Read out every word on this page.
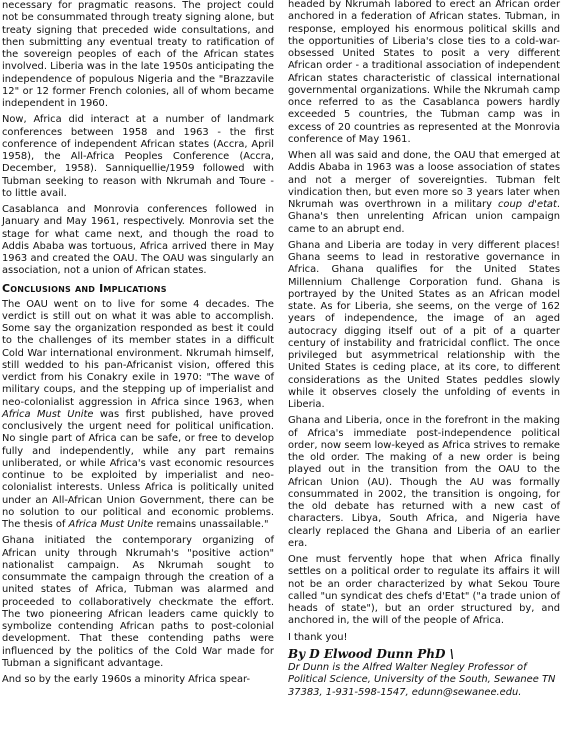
necessary for pragmatic reasons. The project could not be consummated through treaty signing alone, but treaty signing that preceded wide consultations, and then submitting any eventual treaty to ratification of the sovereign peoples of each of the African states involved. Liberia was in the late 1950s anticipating the independence of populous Nigeria and the "Brazzavile 12" or 12 former French colonies, all of whom became independent in 1960.

Now, Africa did interact at a number of landmark conferences between 1958 and 1963 - the first conference of independent African states (Accra, April 1958), the All-Africa Peoples Conference (Accra, December, 1958). Sanniquellie/1959 followed with Tubman seeking to reason with Nkrumah and Toure - to little avail.

Casablanca and Monrovia conferences followed in January and May 1961, respectively. Monrovia set the stage for what came next, and though the road to Addis Ababa was tortuous, Africa arrived there in May 1963 and created the OAU. The OAU was singularly an association, not a union of African states.

Conclusions and Implications

The OAU went on to live for some 4 decades. The verdict is still out on what it was able to accomplish. Some say the organization responded as best it could to the challenges of its member states in a difficult Cold War international environment. Nkrumah himself, still wedded to his pan-Africanist vision, offered this verdict from his Conakry exile in 1970: "The wave of military coups, and the stepping up of imperialist and neo-colonialist aggression in Africa since 1963, when Africa Must Unite was first published, have proved conclusively the urgent need for political unification. No single part of Africa can be safe, or free to develop fully and independently, while any part remains unliberated, or while Africa's vast economic resources continue to be exploited by imperialist and neo-colonialist interests. Unless Africa is politically united under an All-African Union Government, there can be no solution to our political and economic problems. The thesis of Africa Must Unite remains unassailable."

Ghana initiated the contemporary organizing of African unity through Nkrumah's "positive action" nationalist campaign. As Nkrumah sought to consummate the campaign through the creation of a united states of Africa, Tubman was alarmed and proceeded to collaboratively checkmate the effort. The two pioneering African leaders came quickly to symbolize contending African paths to post-colonial development. That these contending paths were influenced by the politics of the Cold War made for Tubman a significant advantage.

And so by the early 1960s a minority Africa spear-

headed by Nkrumah labored to erect an African order anchored in a federation of African states. Tubman, in response, employed his enormous political skills and the opportunities of Liberia's close ties to a cold-war-obsessed United States to posit a very different African order - a traditional association of independent African states characteristic of classical international governmental organizations. While the Nkrumah camp once referred to as the Casablanca powers hardly exceeded 5 countries, the Tubman camp was in excess of 20 countries as represented at the Monrovia conference of May 1961.

When all was said and done, the OAU that emerged at Addis Ababa in 1963 was a loose association of states and not a merger of sovereignties. Tubman felt vindication then, but even more so 3 years later when Nkrumah was overthrown in a military coup d'etat. Ghana's then unrelenting African union campaign came to an abrupt end.

Ghana and Liberia are today in very different places! Ghana seems to lead in restorative governance in Africa. Ghana qualifies for the United States Millennium Challenge Corporation fund. Ghana is portrayed by the United States as an African model state. As for Liberia, she seems, on the verge of 162 years of independence, the image of an aged autocracy digging itself out of a pit of a quarter century of instability and fratricidal conflict. The once privileged but asymmetrical relationship with the United States is ceding place, at its core, to different considerations as the United States peddles slowly while it observes closely the unfolding of events in Liberia.

Ghana and Liberia, once in the forefront in the making of Africa's immediate post-independence political order, now seem low-keyed as Africa strives to remake the old order. The making of a new order is being played out in the transition from the OAU to the African Union (AU). Though the AU was formally consummated in 2002, the transition is ongoing, for the old debate has returned with a new cast of characters. Libya, South Africa, and Nigeria have clearly replaced the Ghana and Liberia of an earlier era.

One must fervently hope that when Africa finally settles on a political order to regulate its affairs it will not be an order characterized by what Sekou Toure called "un syndicat des chefs d'Etat" ("a trade union of heads of state"), but an order structured by, and anchored in, the will of the people of Africa.

I thank you!

By D Elwood Dunn PhD \

Dr Dunn is the Alfred Walter Negley Professor of Political Science, University of the South, Sewanee TN 37383, 1-931-598-1547, edunn@sewanee.edu.
